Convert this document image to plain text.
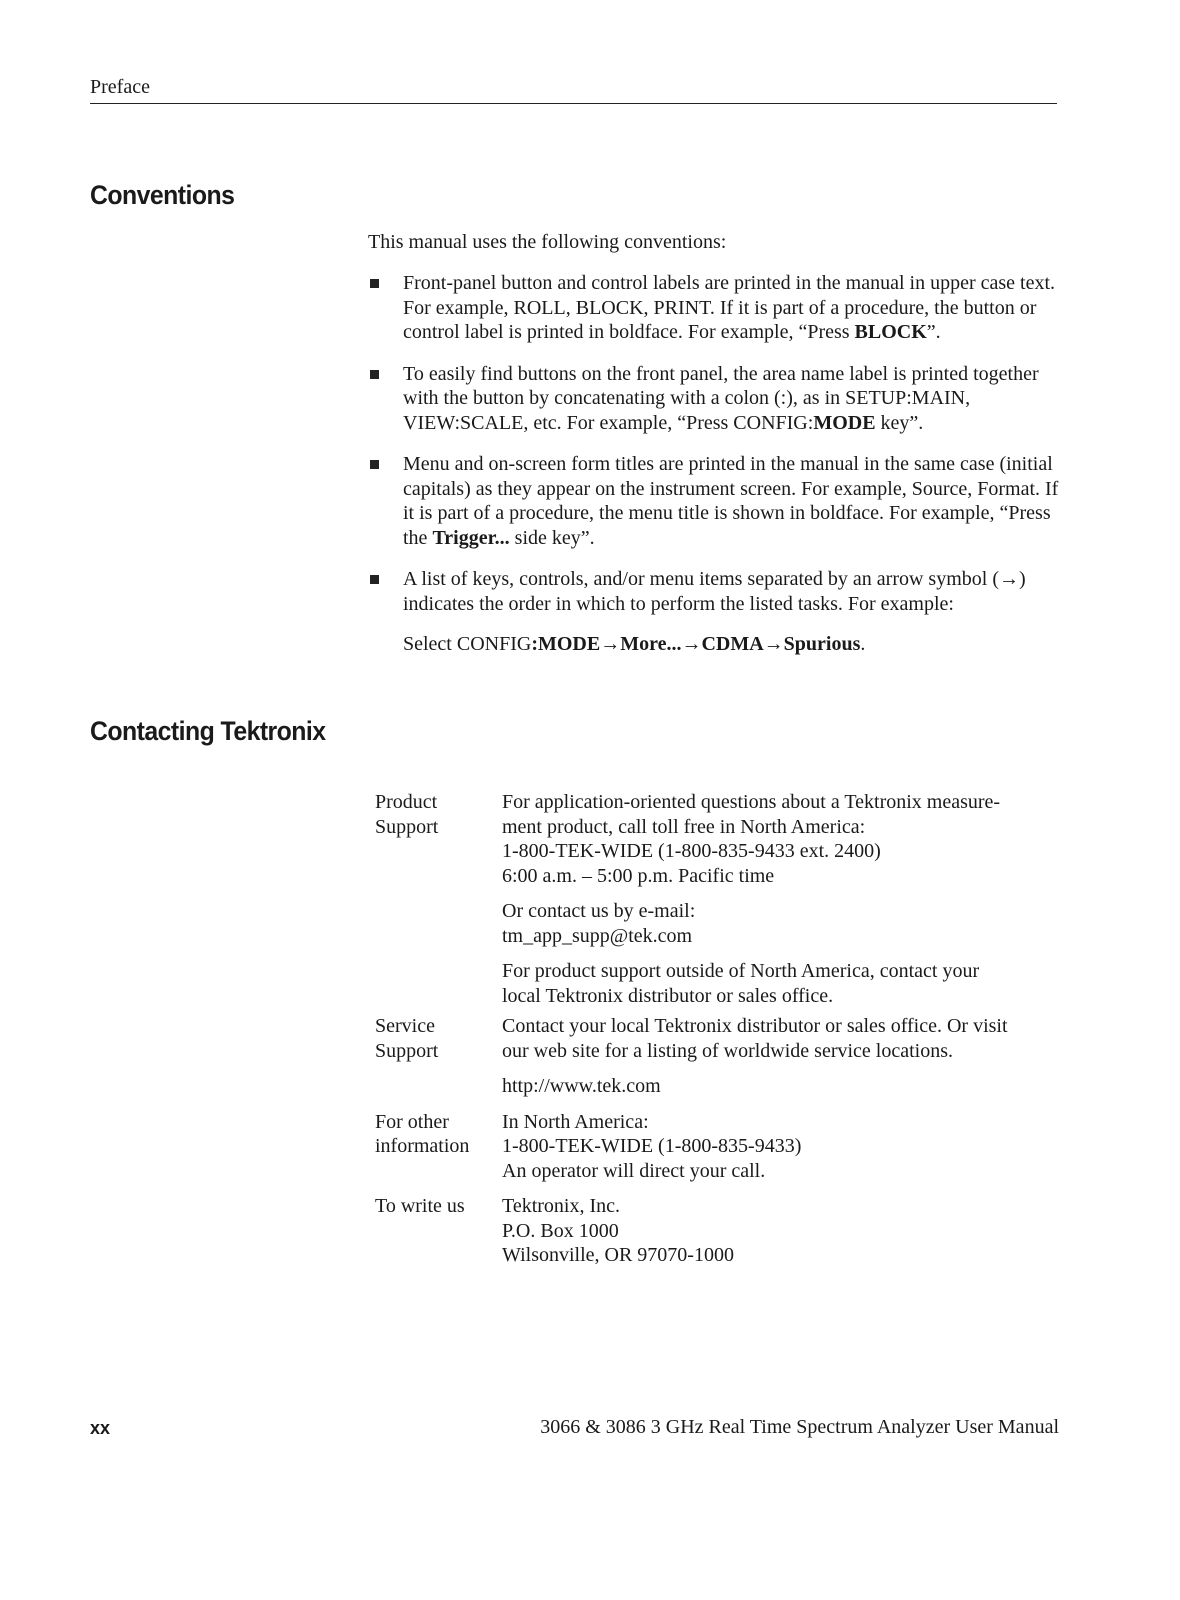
Preface
Conventions
This manual uses the following conventions:
Front-panel button and control labels are printed in the manual in upper case text. For example, ROLL, BLOCK, PRINT. If it is part of a procedure, the button or control label is printed in boldface. For example, “Press BLOCK”.
To easily find buttons on the front panel, the area name label is printed together with the button by concatenating with a colon (:), as in SETUP:MAIN, VIEW:SCALE, etc. For example, “Press CONFIG:MODE key”.
Menu and on-screen form titles are printed in the manual in the same case (initial capitals) as they appear on the instrument screen. For example, Source, Format. If it is part of a procedure, the menu title is shown in boldface. For example, “Press the Trigger... side key”.
A list of keys, controls, and/or menu items separated by an arrow symbol (→) indicates the order in which to perform the listed tasks. For example:
Select CONFIG:MODE→More...→CDMA→Spurious.
Contacting Tektronix
Product
Support
For application-oriented questions about a Tektronix measure-
ment product, call toll free in North America:
1-800-TEK-WIDE (1-800-835-9433 ext. 2400)
6:00 a.m. – 5:00 p.m. Pacific time
Or contact us by e-mail:
tm_app_supp@tek.com
For product support outside of North America, contact your
local Tektronix distributor or sales office.
Service
Support
Contact your local Tektronix distributor or sales office. Or visit
our web site for a listing of worldwide service locations.
http://www.tek.com
For other
information
In North America:
1-800-TEK-WIDE (1-800-835-9433)
An operator will direct your call.
To write us	Tektronix, Inc.
P.O. Box 1000
Wilsonville, OR 97070-1000
xx	3066 & 3086 3 GHz Real Time Spectrum Analyzer User Manual
